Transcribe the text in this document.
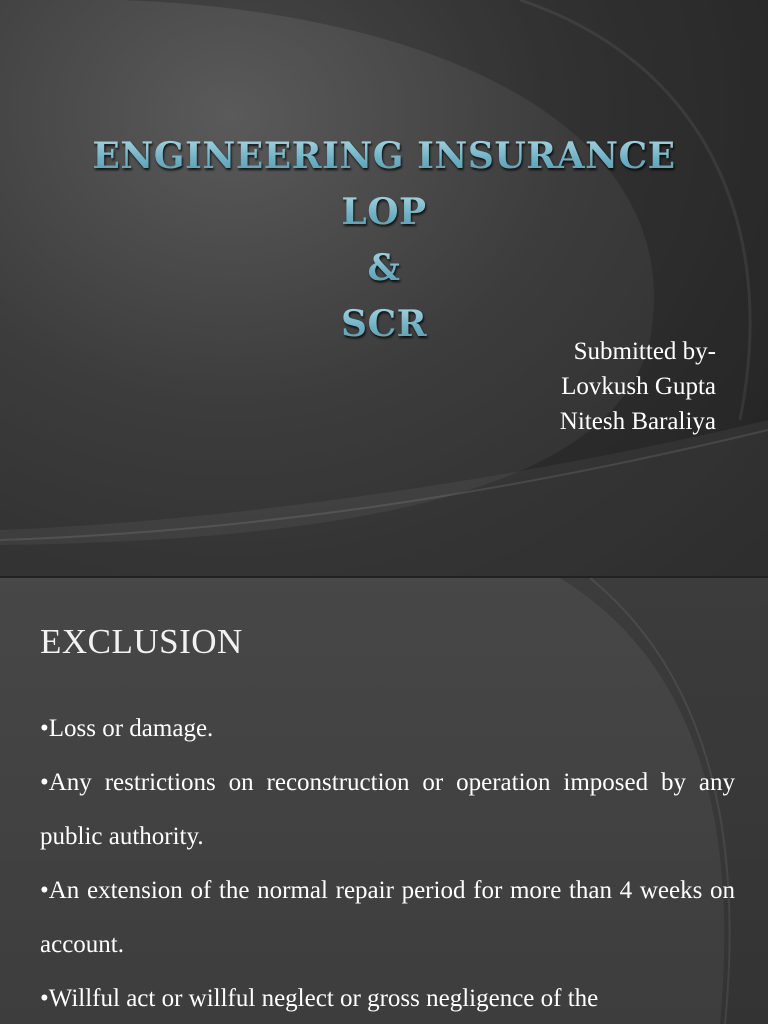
ENGINEERING INSURANCE
LOP
&
SCR
Submitted by-
Lovkush Gupta
Nitesh Baraliya
EXCLUSION
•Loss or damage.
•Any restrictions on reconstruction or operation imposed by any public authority.
•An extension of the normal repair period for more than 4 weeks on account.
•Willful act or willful neglect or gross negligence of the
